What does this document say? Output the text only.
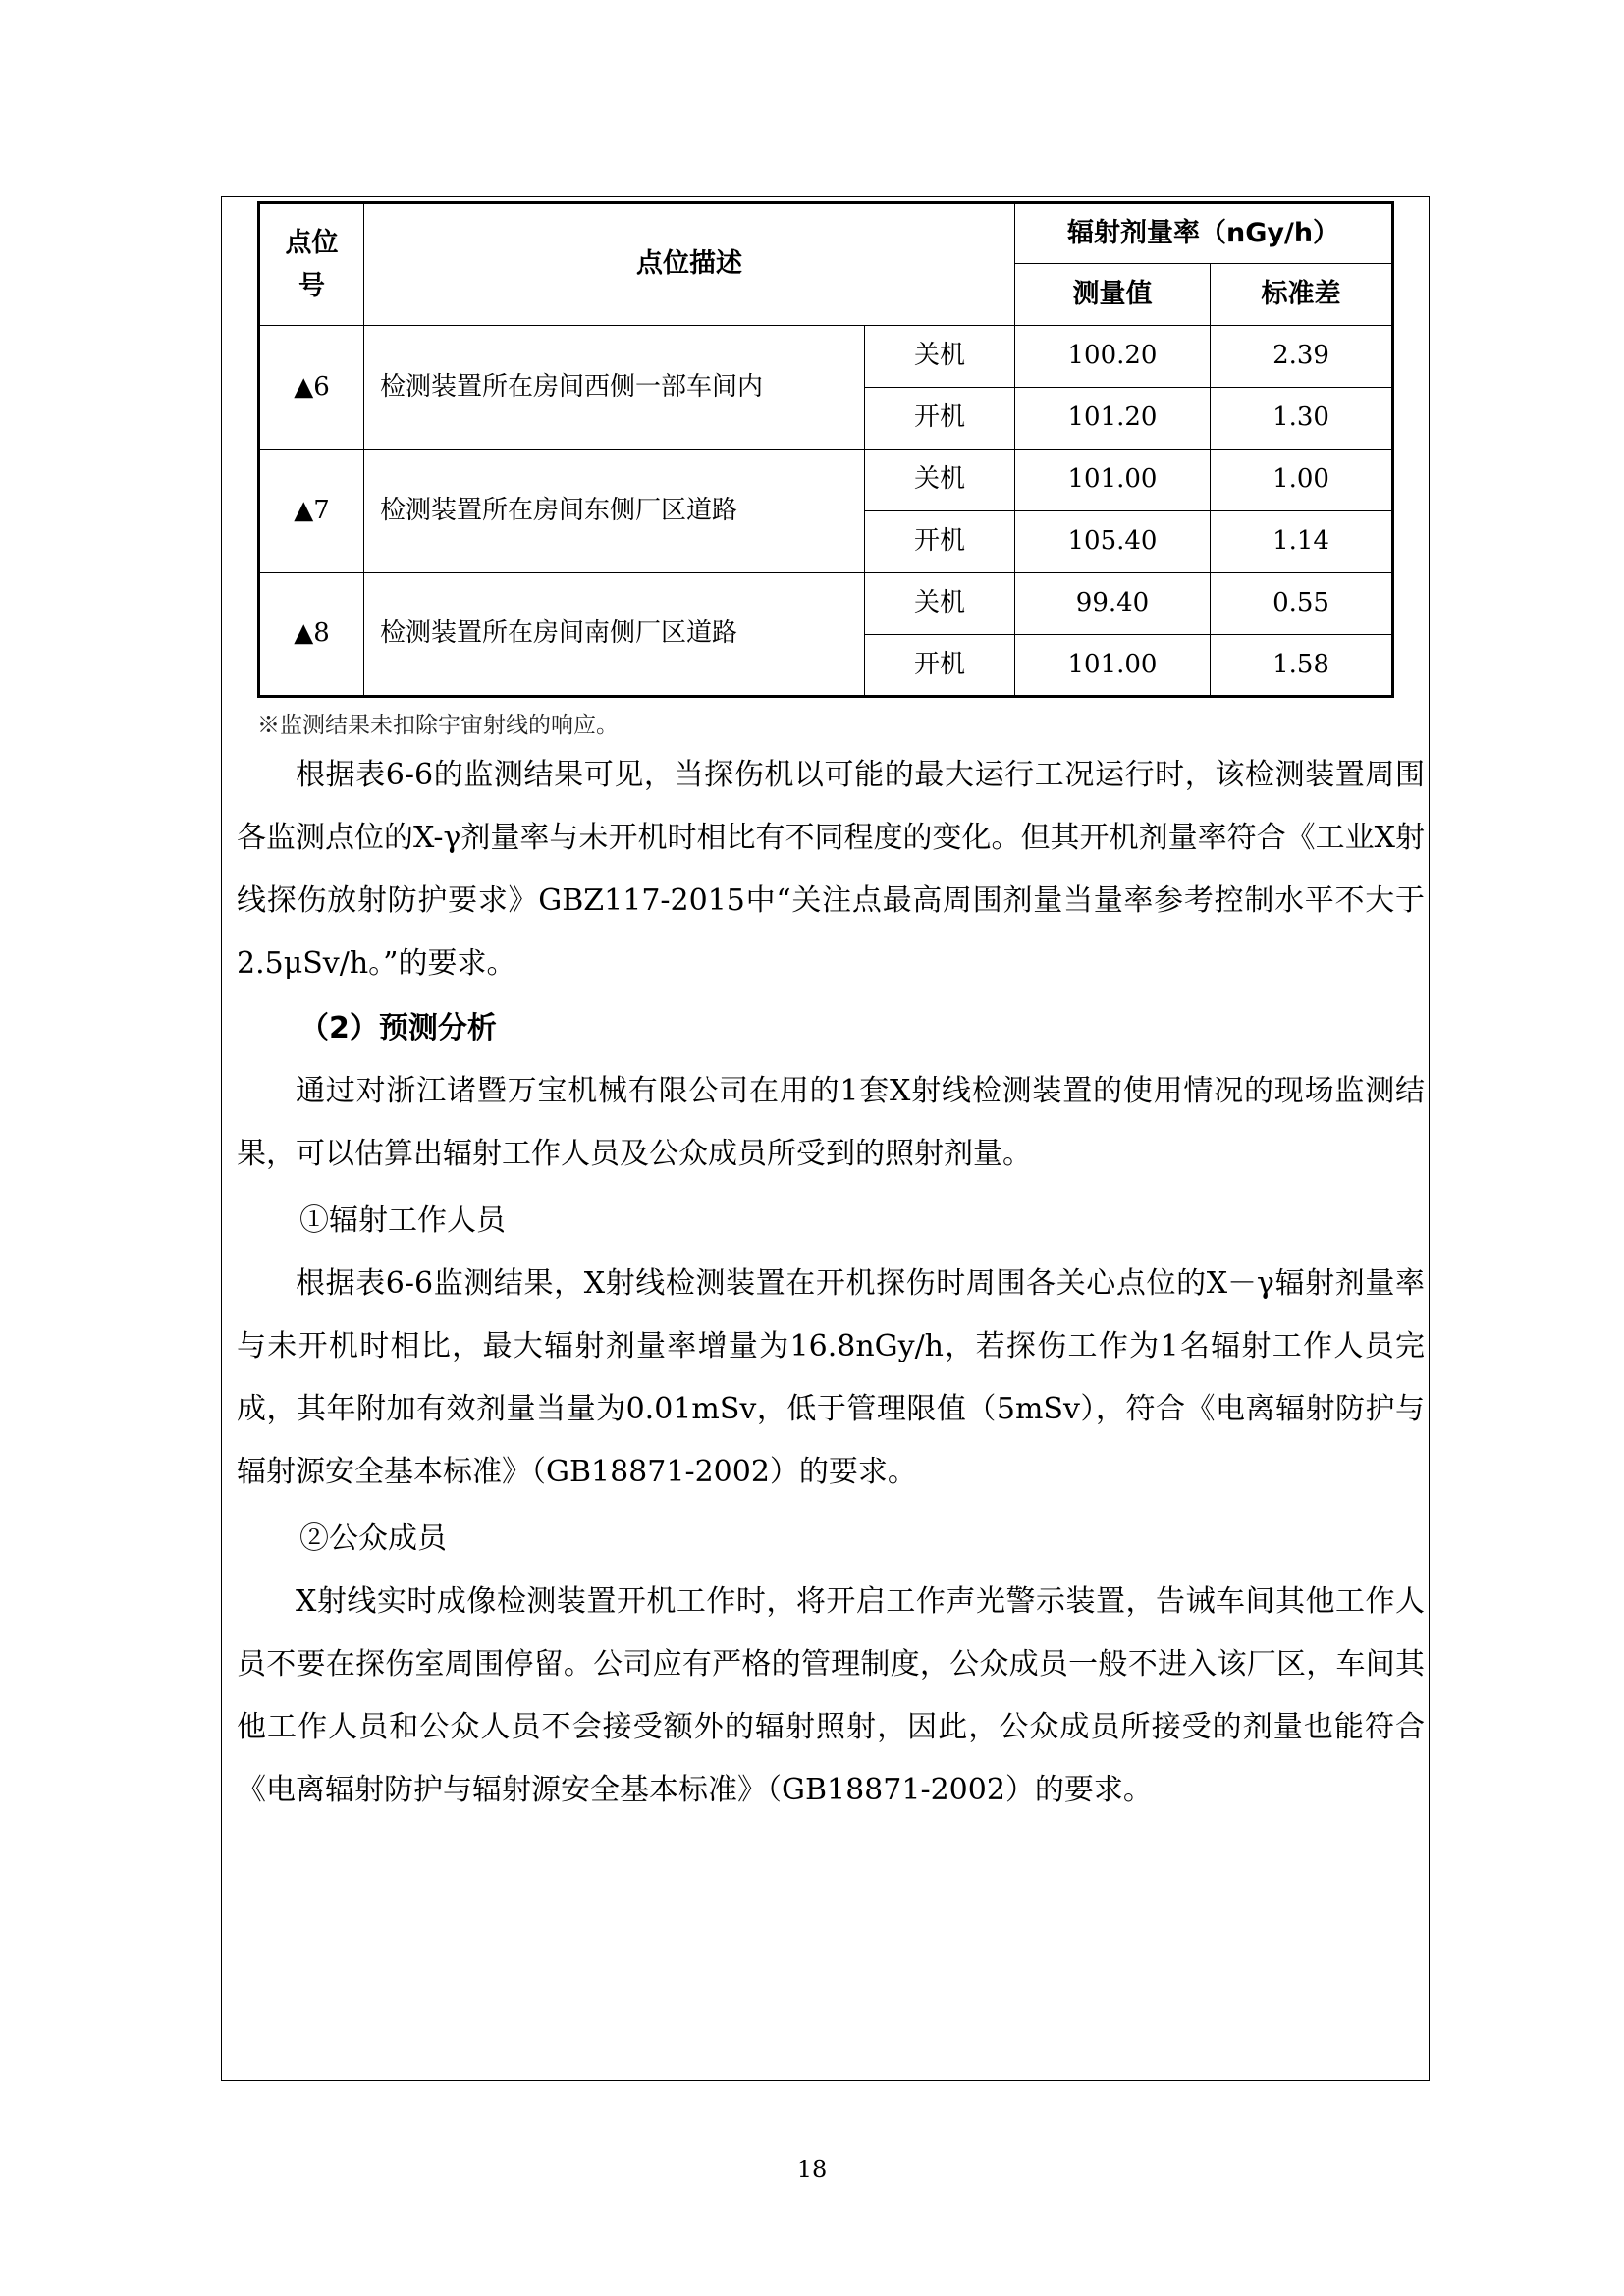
点位
号	点位描述		辐射剂量率（nGy/h）	
			测量值	标准差
▲6	检测装置所在房间西侧一部车间内	关机	100.20	2.39
		开机	101.20	1.30
▲7	检测装置所在房间东侧厂区道路	关机	101.00	1.00
		开机	105.40	1.14
▲8	检测装置所在房间南侧厂区道路	关机	99.40	0.55
		开机	101.00	1.58
※监测结果未扣除宇宙射线的响应。

根据表6-6的监测结果可见，当探伤机以可能的最大运行工况运行时，该检测装置周围各监测点位的X-γ剂量率与未开机时相比有不同程度的变化。但其开机剂量率符合《工业X射线探伤放射防护要求》GBZ117-2015中“关注点最高周围剂量当量率参考控制水平不大于2.5μSv/h。”的要求。

（2）预测分析

通过对浙江诸暨万宝机械有限公司在用的1套X射线检测装置的使用情况的现场监测结果，可以估算出辐射工作人员及公众成员所受到的照射剂量。

①辐射工作人员

根据表6-6监测结果，X射线检测装置在开机探伤时周围各关心点位的X－γ辐射剂量率与未开机时相比，最大辐射剂量率增量为16.8nGy/h，若探伤工作为1名辐射工作人员完成，其年附加有效剂量当量为0.01mSv，低于管理限值（5mSv），符合《电离辐射防护与辐射源安全基本标准》（GB18871-2002）的要求。

②公众成员

X射线实时成像检测装置开机工作时，将开启工作声光警示装置，告诫车间其他工作人员不要在探伤室周围停留。公司应有严格的管理制度，公众成员一般不进入该厂区，车间其他工作人员和公众人员不会接受额外的辐射照射，因此，公众成员所接受的剂量也能符合《电离辐射防护与辐射源安全基本标准》（GB18871-2002）的要求。

18
